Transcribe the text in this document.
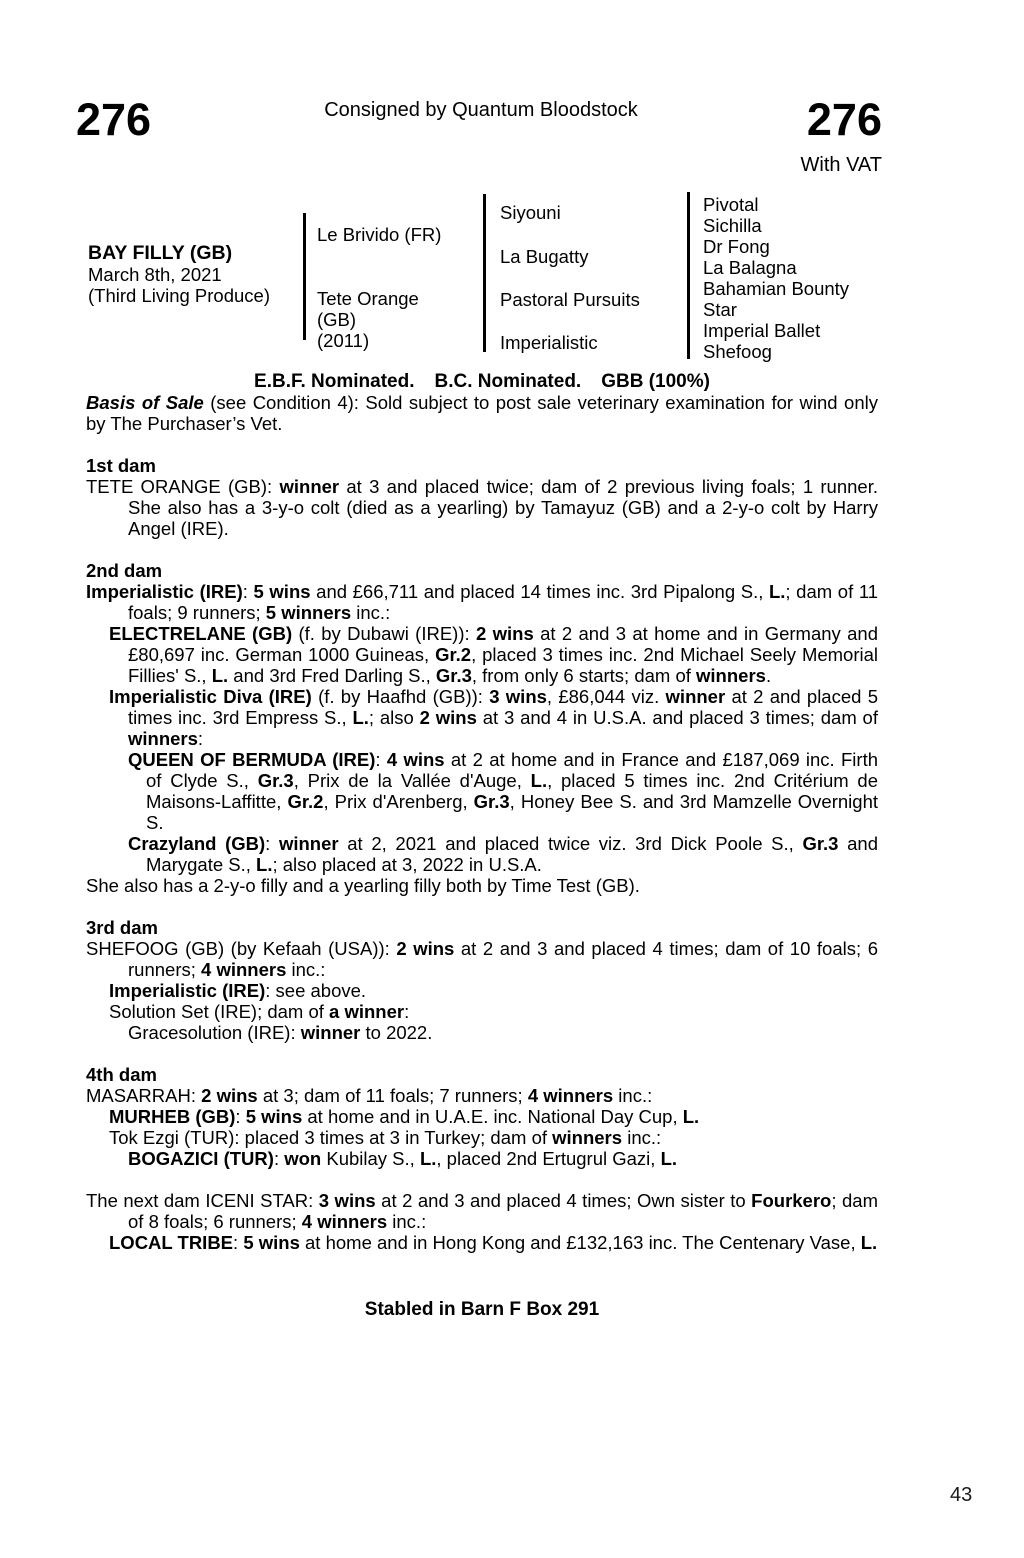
276	Consigned by Quantum Bloodstock	276
With VAT
BAY FILLY (GB)
March 8th, 2021
(Third Living Produce)
Le Brivido (FR)
Tete Orange
(GB)
(2011)
Siyouni
La Bugatty
Pastoral Pursuits
Imperialistic
Pivotal
Sichilla
Dr Fong
La Balagna
Bahamian Bounty
Star
Imperial Ballet
Shefoog
E.B.F. Nominated. B.C. Nominated. GBB (100%)

Basis of Sale (see Condition 4): Sold subject to post sale veterinary examination for wind only by The Purchaser’s Vet.

1st dam

TETE ORANGE (GB): winner at 3 and placed twice; dam of 2 previous living foals; 1 runner. She also has a 3-y-o colt (died as a yearling) by Tamayuz (GB) and a 2-y-o colt by Harry Angel (IRE).

2nd dam

Imperialistic (IRE): 5 wins and £66,711 and placed 14 times inc. 3rd Pipalong S., L.; dam of 11 foals; 9 runners; 5 winners inc.:

ELECTRELANE (GB) (f. by Dubawi (IRE)): 2 wins at 2 and 3 at home and in Germany and £80,697 inc. German 1000 Guineas, Gr.2, placed 3 times inc. 2nd Michael Seely Memorial Fillies' S., L. and 3rd Fred Darling S., Gr.3, from only 6 starts; dam of winners.

Imperialistic Diva (IRE) (f. by Haafhd (GB)): 3 wins, £86,044 viz. winner at 2 and placed 5 times inc. 3rd Empress S., L.; also 2 wins at 3 and 4 in U.S.A. and placed 3 times; dam of winners:

QUEEN OF BERMUDA (IRE): 4 wins at 2 at home and in France and £187,069 inc. Firth of Clyde S., Gr.3, Prix de la Vallée d'Auge, L., placed 5 times inc. 2nd Critérium de Maisons-Laffitte, Gr.2, Prix d'Arenberg, Gr.3, Honey Bee S. and 3rd Mamzelle Overnight S.

Crazyland (GB): winner at 2, 2021 and placed twice viz. 3rd Dick Poole S., Gr.3 and Marygate S., L.; also placed at 3, 2022 in U.S.A.

She also has a 2-y-o filly and a yearling filly both by Time Test (GB).

3rd dam

SHEFOOG (GB) (by Kefaah (USA)): 2 wins at 2 and 3 and placed 4 times; dam of 10 foals; 6 runners; 4 winners inc.:

Imperialistic (IRE): see above.

Solution Set (IRE); dam of a winner:

Gracesolution (IRE): winner to 2022.

4th dam

MASARRAH: 2 wins at 3; dam of 11 foals; 7 runners; 4 winners inc.:

MURHEB (GB): 5 wins at home and in U.A.E. inc. National Day Cup, L.

Tok Ezgi (TUR): placed 3 times at 3 in Turkey; dam of winners inc.:

BOGAZICI (TUR): won Kubilay S., L., placed 2nd Ertugrul Gazi, L.

The next dam ICENI STAR: 3 wins at 2 and 3 and placed 4 times; Own sister to Fourkero; dam of 8 foals; 6 runners; 4 winners inc.:

LOCAL TRIBE: 5 wins at home and in Hong Kong and £132,163 inc. The Centenary Vase, L.

Stabled in Barn F Box 291
43
